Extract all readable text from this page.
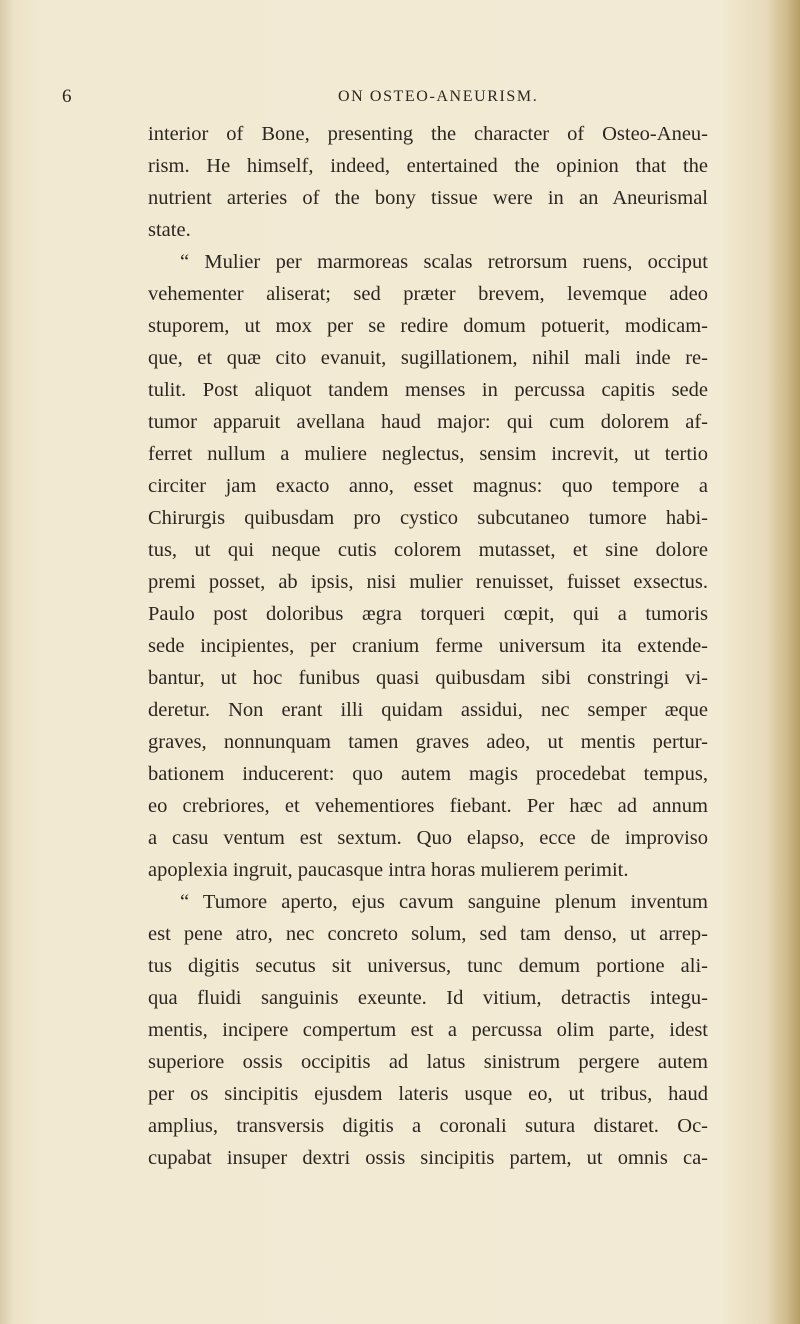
6	ON OSTEO-ANEURISM.
interior of Bone, presenting the character of Osteo-Aneu-
rism. He himself, indeed, entertained the opinion that the
nutrient arteries of the bony tissue were in an Aneurismal
state.
“ Mulier per marmoreas scalas retrorsum ruens, occiput
vehementer aliserat; sed præter brevem, levemque adeo
stuporem, ut mox per se redire domum potuerit, modicam-
que, et quæ cito evanuit, sugillationem, nihil mali inde re-
tulit. Post aliquot tandem menses in percussa capitis sede
tumor apparuit avellana haud major: qui cum dolorem af-
ferret nullum a muliere neglectus, sensim increvit, ut tertio
circiter jam exacto anno, esset magnus: quo tempore a
Chirurgis quibusdam pro cystico subcutaneo tumore habi-
tus, ut qui neque cutis colorem mutasset, et sine dolore
premi posset, ab ipsis, nisi mulier renuisset, fuisset exsectus.
Paulo post doloribus ægra torqueri cœpit, qui a tumoris
sede incipientes, per cranium ferme universum ita extende-
bantur, ut hoc funibus quasi quibusdam sibi constringi vi-
deretur. Non erant illi quidam assidui, nec semper æque
graves, nonnunquam tamen graves adeo, ut mentis pertur-
bationem inducerent: quo autem magis procedebat tempus,
eo crebriores, et vehementiores fiebant. Per hæc ad annum
a casu ventum est sextum. Quo elapso, ecce de improviso
apoplexia ingruit, paucasque intra horas mulierem perimit.
“ Tumore aperto, ejus cavum sanguine plenum inventum
est pene atro, nec concreto solum, sed tam denso, ut arrep-
tus digitis secutus sit universus, tunc demum portione ali-
qua fluidi sanguinis exeunte. Id vitium, detractis integu-
mentis, incipere compertum est a percussa olim parte, idest
superiore ossis occipitis ad latus sinistrum pergere autem
per os sincipitis ejusdem lateris usque eo, ut tribus, haud
amplius, transversis digitis a coronali sutura distaret. Oc-
cupabat insuper dextri ossis sincipitis partem, ut omnis ca-
